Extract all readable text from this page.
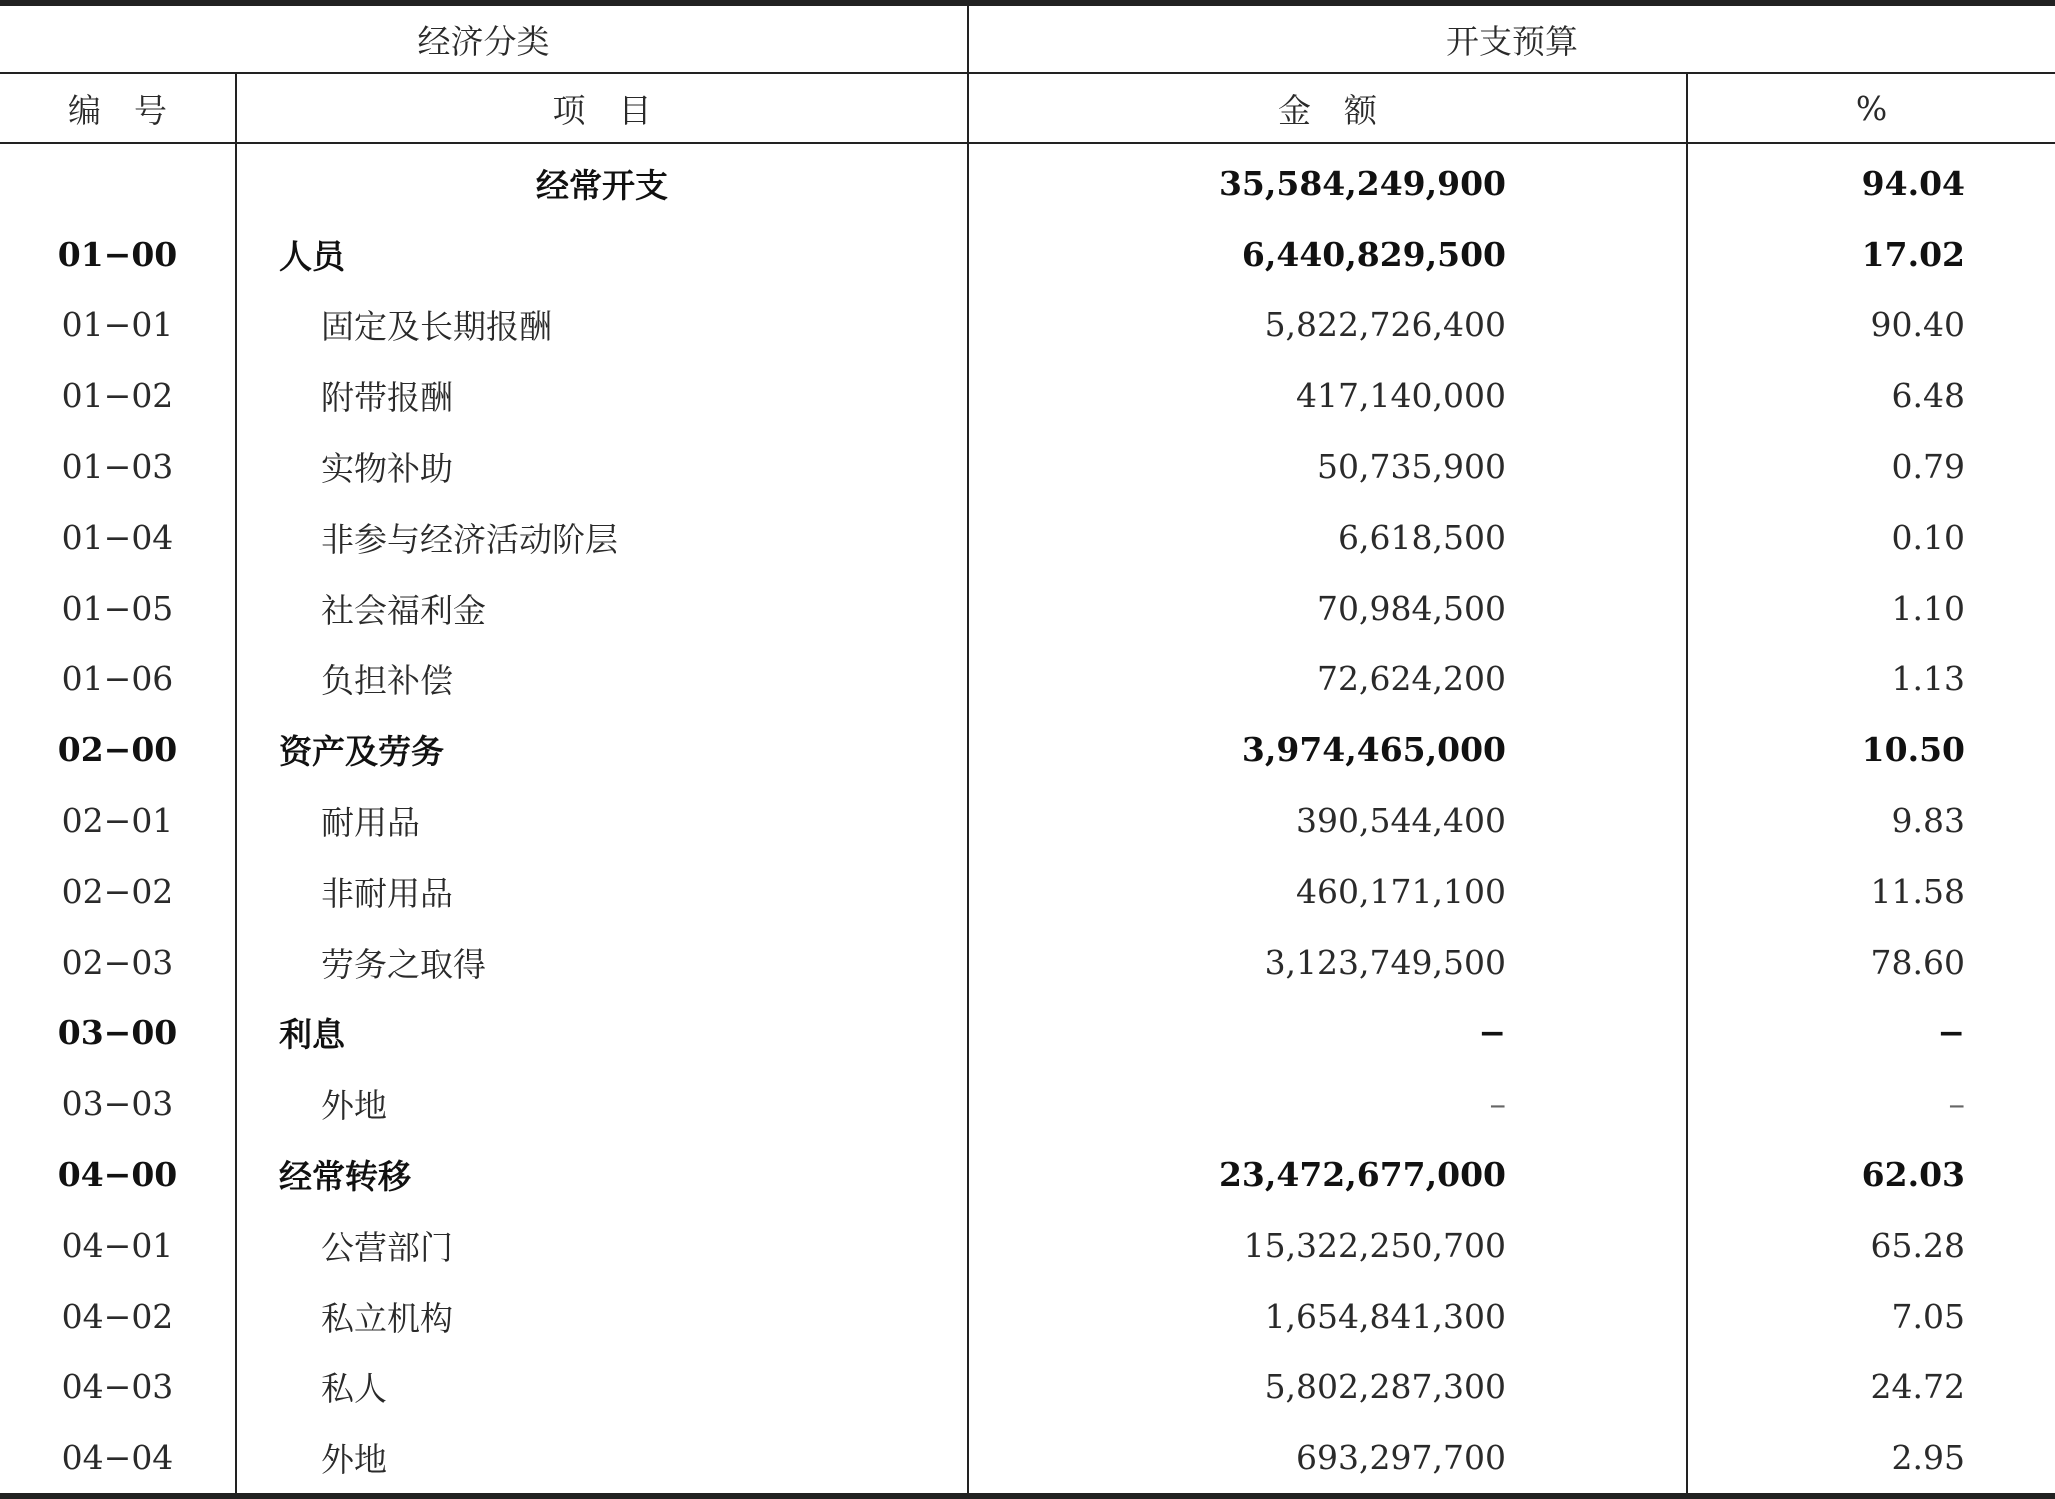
经济分类		开支预算	
编　号	项　目	金　额	%
	经常开支	35,584,249,900	94.04
01−00	人员	6,440,829,500	17.02
01−01	固定及长期报酬	5,822,726,400	90.40
01−02	附带报酬	417,140,000	6.48
01−03	实物补助	50,735,900	0.79
01−04	非参与经济活动阶层	6,618,500	0.10
01−05	社会福利金	70,984,500	1.10
01−06	负担补偿	72,624,200	1.13
02−00	资产及劳务	3,974,465,000	10.50
02−01	耐用品	390,544,400	9.83
02−02	非耐用品	460,171,100	11.58
02−03	劳务之取得	3,123,749,500	78.60
03−00	利息	−	−
03−03	外地	–	–
04−00	经常转移	23,472,677,000	62.03
04−01	公营部门	15,322,250,700	65.28
04−02	私立机构	1,654,841,300	7.05
04−03	私人	5,802,287,300	24.72
04−04	外地	693,297,700	2.95
